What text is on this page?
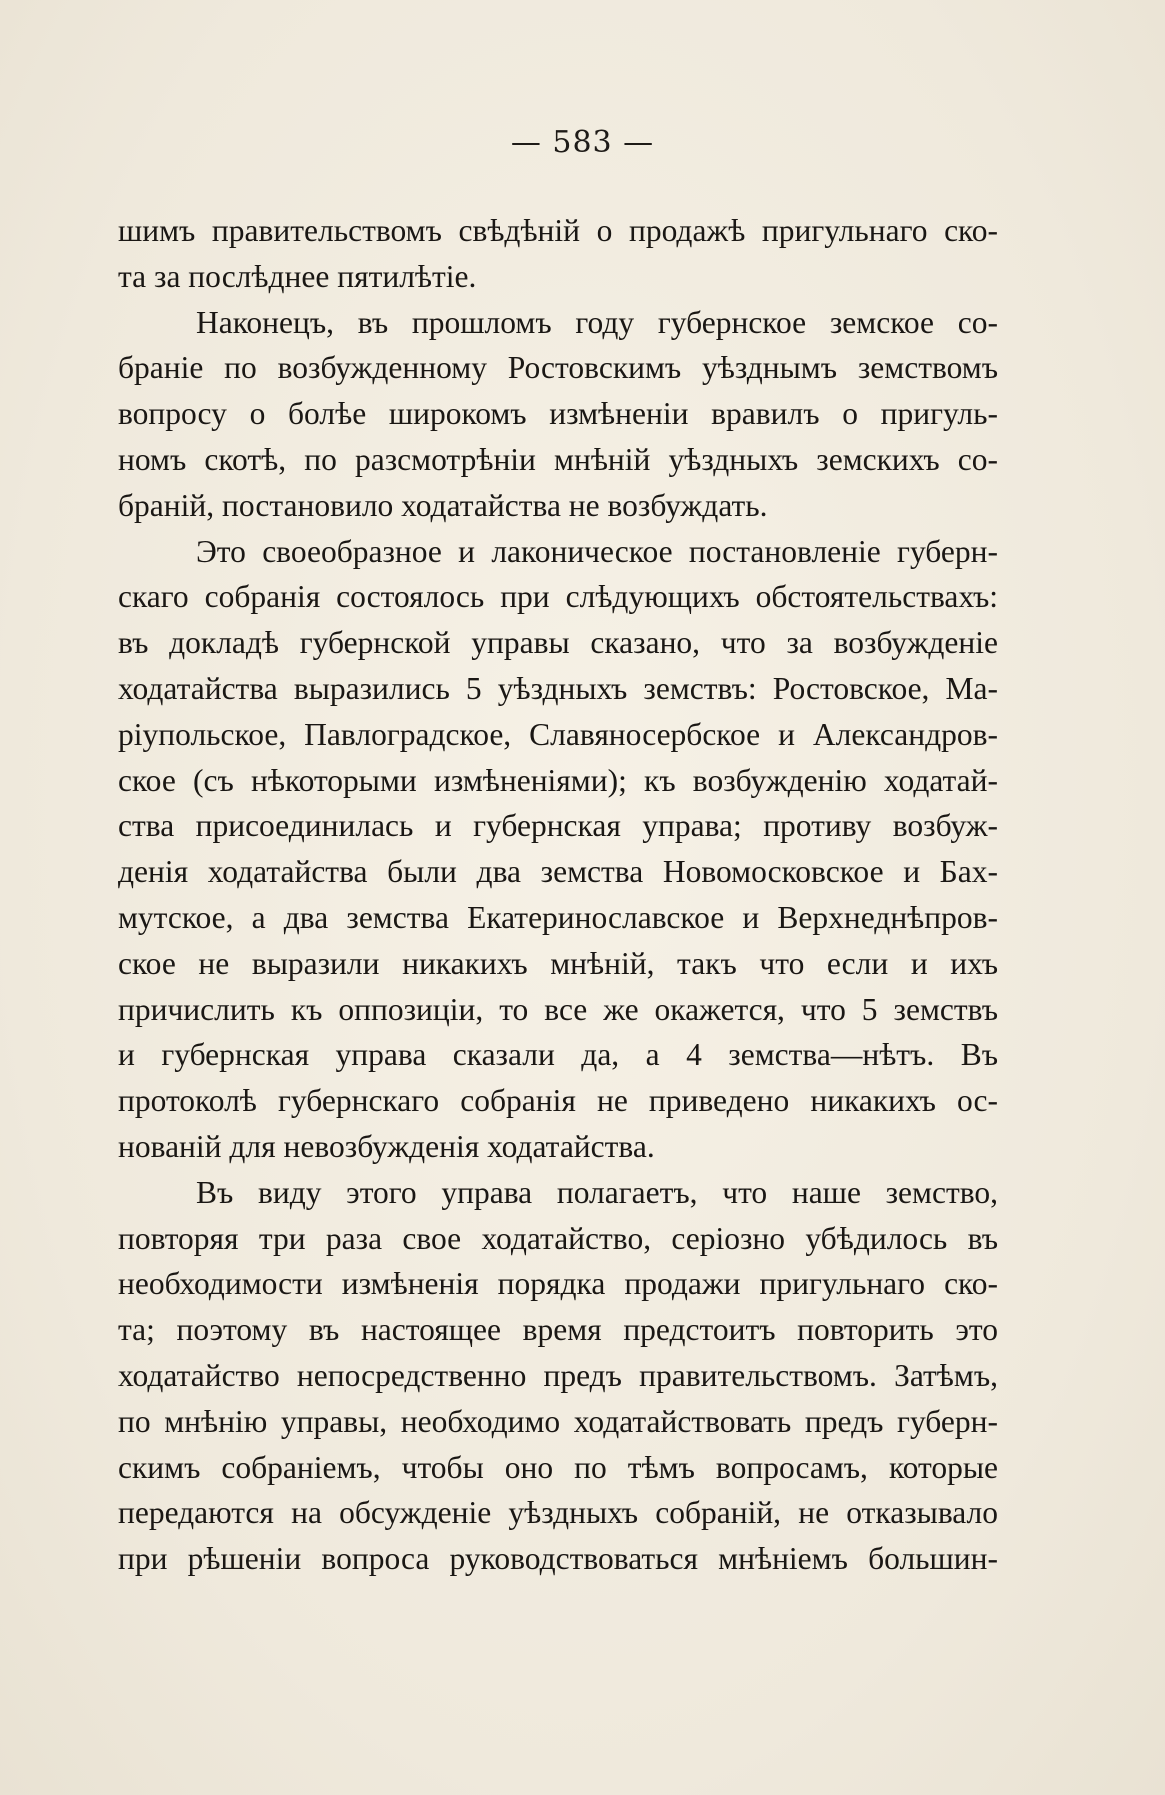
— 583 —
шимъ правительствомъ свѣдѣній о продажѣ пригульнаго ско-
та за послѣднее пятилѣтіе.
Наконецъ, въ прошломъ году губернское земское со-
браніе по возбужденному Ростовскимъ уѣзднымъ земствомъ
вопросу о болѣе широкомъ измѣненіи вравилъ о пригуль-
номъ скотѣ, по разсмотрѣніи мнѣній уѣздныхъ земскихъ со-
браній, постановило ходатайства не возбуждать.
Это своеобразное и лаконическое постановленіе губерн-
скаго собранія состоялось при слѣдующихъ обстоятельствахъ:
въ докладѣ губернской управы сказано, что за возбужденіе
ходатайства выразились 5 уѣздныхъ земствъ: Ростовское, Ма-
ріупольское, Павлоградское, Славяносербское и Александров-
ское (съ нѣкоторыми измѣненіями); къ возбужденію ходатай-
ства присоединилась и губернская управа; противу возбуж-
денія ходатайства были два земства Новомосковское и Бах-
мутское, а два земства Екатеринославское и Верхнеднѣпров-
ское не выразили никакихъ мнѣній, такъ что если и ихъ
причислить къ оппозиціи, то все же окажется, что 5 земствъ
и губернская управа сказали да, а 4 земства—нѣтъ. Въ
протоколѣ губернскаго собранія не приведено никакихъ ос-
нованій для невозбужденія ходатайства.
Въ виду этого управа полагаетъ, что наше земство,
повторяя три раза свое ходатайство, серіозно убѣдилось въ
необходимости измѣненія порядка продажи пригульнаго ско-
та; поэтому въ настоящее время предстоитъ повторить это
ходатайство непосредственно предъ правительствомъ. Затѣмъ,
по мнѣнію управы, необходимо ходатайствовать предъ губерн-
скимъ собраніемъ, чтобы оно по тѣмъ вопросамъ, которые
передаются на обсужденіе уѣздныхъ собраній, не отказывало
при рѣшеніи вопроса руководствоваться мнѣніемъ большин-
